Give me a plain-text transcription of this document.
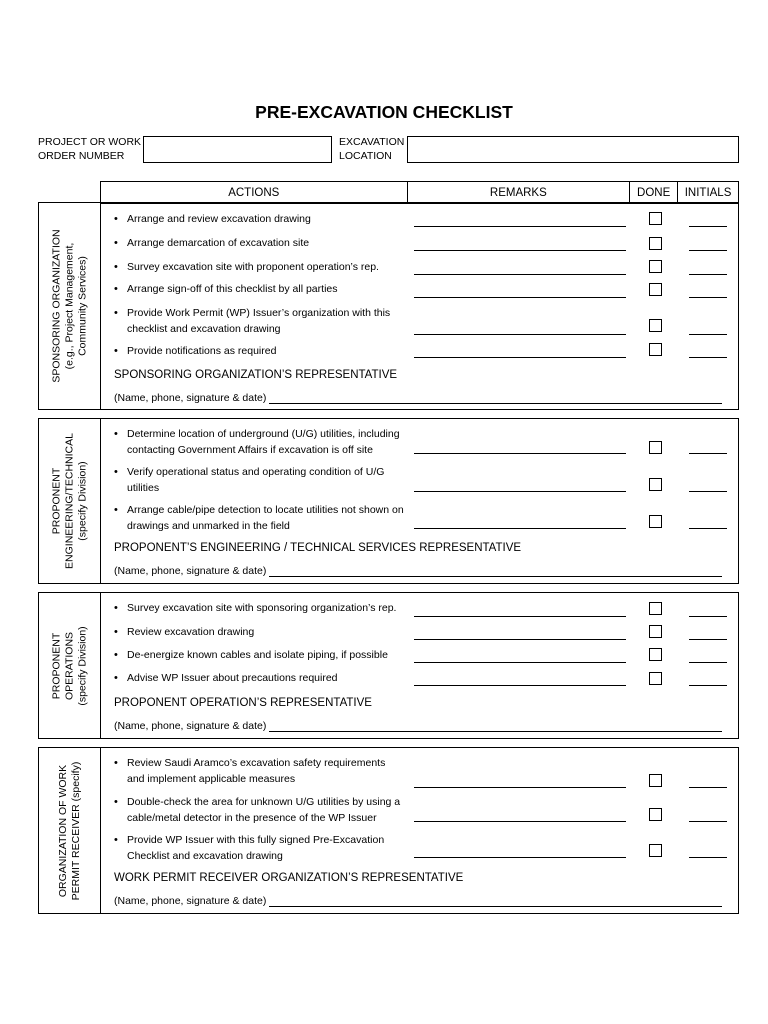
PRE-EXCAVATION CHECKLIST
PROJECT OR WORK
ORDER NUMBER
EXCAVATION
LOCATION
ACTIONS	REMARKS	DONE	INITIALS
SPONSORING ORGANIZATION (e.g., Project Management, Community Services)
• Arrange and review excavation drawing
• Arrange demarcation of excavation site
• Survey excavation site with proponent operation’s rep.
• Arrange sign-off of this checklist by all parties
• Provide Work Permit (WP) Issuer’s organization with this
checklist and excavation drawing
• Provide notifications as required
SPONSORING ORGANIZATION’S REPRESENTATIVE
(Name, phone, signature & date)
PROPONENT ENGINEERING/TECHNICAL (specify Division)
• Determine location of underground (U/G) utilities, including
contacting Government Affairs if excavation is off site
• Verify operational status and operating condition of U/G
utilities
• Arrange cable/pipe detection to locate utilities not shown on
drawings and unmarked in the field
PROPONENT’S ENGINEERING / TECHNICAL SERVICES REPRESENTATIVE
(Name, phone, signature & date)
PROPONENT OPERATIONS (specify Division)
• Survey excavation site with sponsoring organization’s rep.
• Review excavation drawing
• De-energize known cables and isolate piping, if possible
• Advise WP Issuer about precautions required
PROPONENT OPERATION’S REPRESENTATIVE
(Name, phone, signature & date)
ORGANIZATION OF WORK PERMIT RECEIVER (specify)
•	Review Saudi Aramco’s excavation safety requirements
and implement applicable measures
• Double-check the area for unknown U/G utilities by using a
cable/metal detector in the presence of the WP Issuer
• Provide WP Issuer with this fully signed Pre-Excavation
Checklist and excavation drawing
WORK PERMIT RECEIVER ORGANIZATION’S REPRESENTATIVE
(Name, phone, signature & date)
